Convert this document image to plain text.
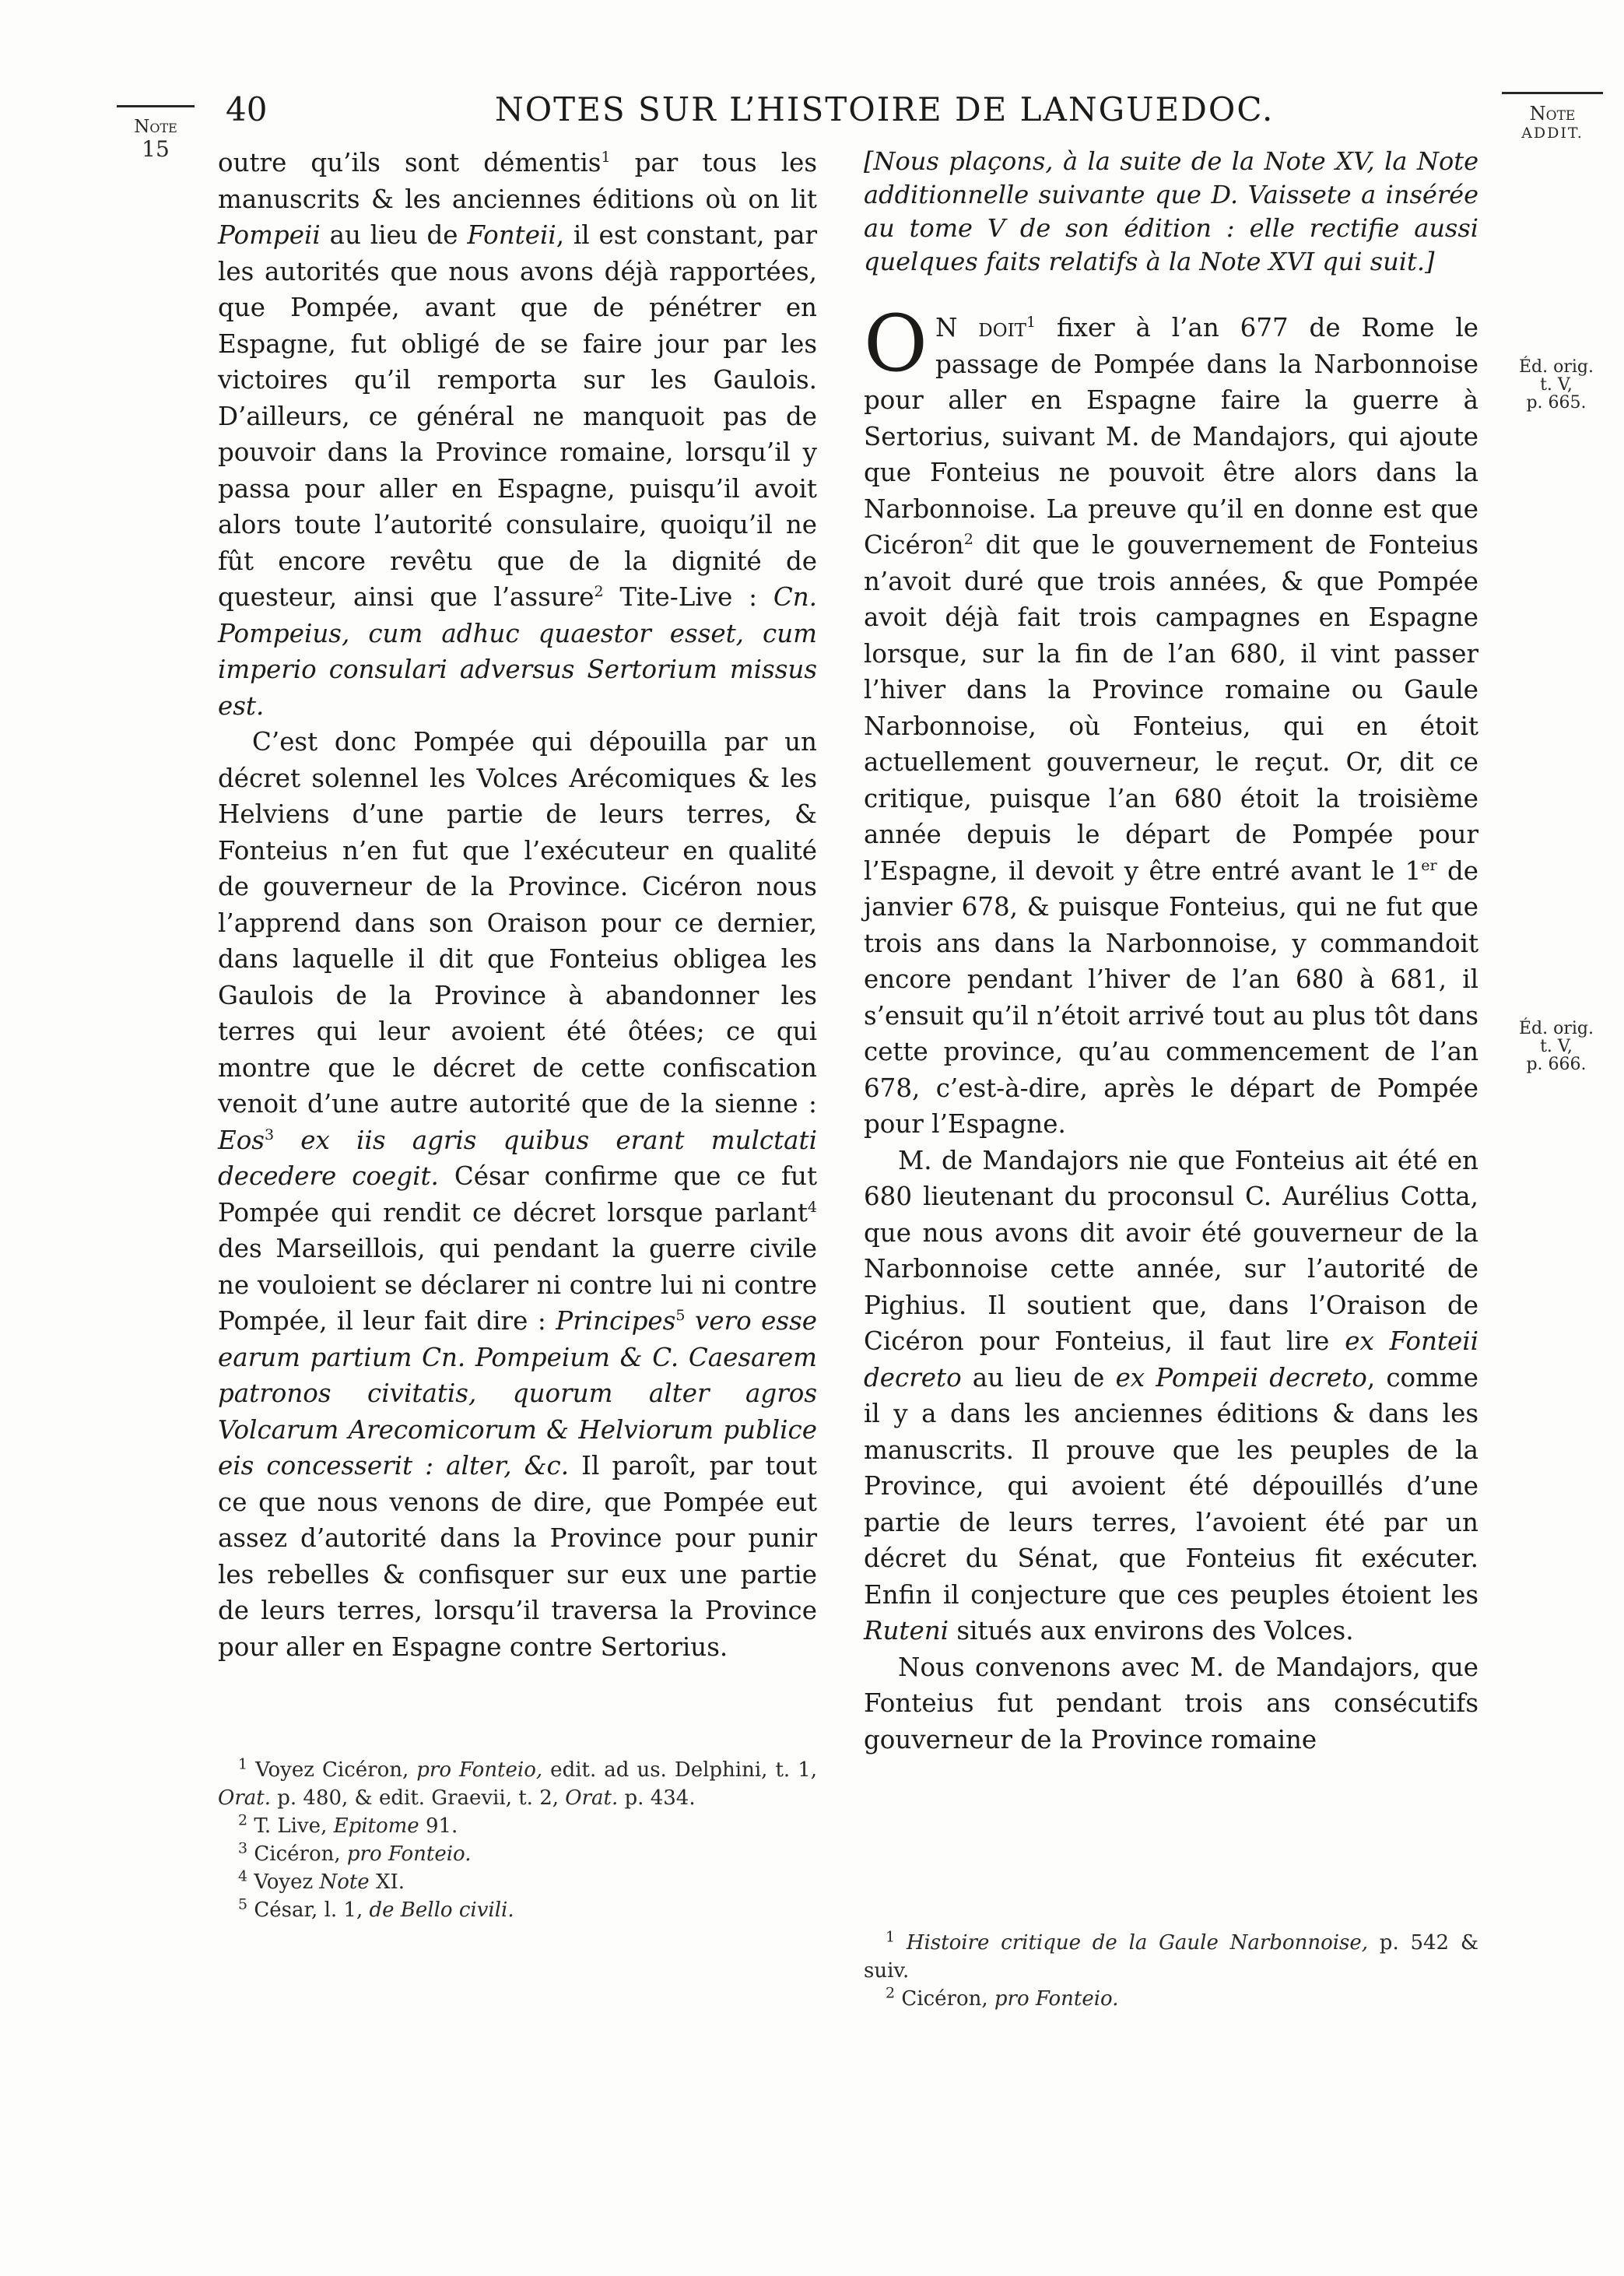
40	NOTES SUR L’HISTOIRE DE LANGUEDOC.
Note
15
Note
ADDIT.
Éd. orig.
t. V,
p. 665.
Éd. orig.
t. V,
p. 666.

outre qu’ils sont démentis$^1$ par tous les manuscrits & les anciennes éditions où on lit Pompeii au lieu de Fonteii, il est constant, par les autorités que nous avons déjà rapportées, que Pompée, avant que de pénétrer en Espagne, fut obligé de se faire jour par les victoires qu’il remporta sur les Gaulois. D’ailleurs, ce général ne manquoit pas de pouvoir dans la Province romaine, lorsqu’il y passa pour aller en Espagne, puisqu’il avoit alors toute l’autorité consulaire, quoiqu’il ne fût encore revêtu que de la dignité de questeur, ainsi que l’assure$^2$ Tite-Live : Cn. Pompeius, cum adhuc quaestor esset, cum imperio consulari adversus Sertorium missus est.

C’est donc Pompée qui dépouilla par un décret solennel les Volces Arécomiques & les Helviens d’une partie de leurs terres, & Fonteius n’en fut que l’exécuteur en qualité de gouverneur de la Province. Cicéron nous l’apprend dans son Oraison pour ce dernier, dans laquelle il dit que Fonteius obligea les Gaulois de la Province à abandonner les terres qui leur avoient été ôtées; ce qui montre que le décret de cette confiscation venoit d’une autre autorité que de la sienne : Eos$^3$ ex iis agris quibus erant mulctati decedere coegit. César confirme que ce fut Pompée qui rendit ce décret lorsque parlant$^4$ des Marseillois, qui pendant la guerre civile ne vouloient se déclarer ni contre lui ni contre Pompée, il leur fait dire : Principes$^5$ vero esse earum partium Cn. Pompeium & C. Caesarem patronos civitatis, quorum alter agros Volcarum Arecomicorum & Helviorum publice eis concesserit : alter, &c. Il paroît, par tout ce que nous venons de dire, que Pompée eut assez d’autorité dans la Province pour punir les rebelles & confisquer sur eux une partie de leurs terres, lorsqu’il traversa la Province pour aller en Espagne contre Sertorius.

$^1$ Voyez Cicéron, pro Fonteio, edit. ad us. Delphini, t. 1, Orat. p. 480, & edit. Graevii, t. 2, Orat. p. 434.

$^2$ T. Live, Epitome 91.

$^3$ Cicéron, pro Fonteio.

$^4$ Voyez Note XI.

$^5$ César, l. 1, de Bello civili.

[Nous plaçons, à la suite de la Note XV, la Note additionnelle suivante que D. Vaissete a insérée au tome V de son édition : elle rectifie aussi quelques faits relatifs à la Note XVI qui suit.]

O N doit$^1$ fixer à l’an 677 de Rome le passage de Pompée dans la Narbonnoise pour aller en Espagne faire la guerre à Sertorius, suivant M. de Mandajors, qui ajoute que Fonteius ne pouvoit être alors dans la Narbonnoise. La preuve qu’il en donne est que Cicéron$^2$ dit que le gouvernement de Fonteius n’avoit duré que trois années, & que Pompée avoit déjà fait trois campagnes en Espagne lorsque, sur la fin de l’an 680, il vint passer l’hiver dans la Province romaine ou Gaule Narbonnoise, où Fonteius, qui en étoit actuellement gouverneur, le reçut. Or, dit ce critique, puisque l’an 680 étoit la troisième année depuis le départ de Pompée pour l’Espagne, il devoit y être entré avant le 1er de janvier 678, & puisque Fonteius, qui ne fut que trois ans dans la Narbonnoise, y commandoit encore pendant l’hiver de l’an 680 à 681, il s’ensuit qu’il n’étoit arrivé tout au plus tôt dans cette province, qu’au commencement de l’an 678, c’est-à-dire, après le départ de Pompée pour l’Espagne.

M. de Mandajors nie que Fonteius ait été en 680 lieutenant du proconsul C. Aurélius Cotta, que nous avons dit avoir été gouverneur de la Narbonnoise cette année, sur l’autorité de Pighius. Il soutient que, dans l’Oraison de Cicéron pour Fonteius, il faut lire ex Fonteii decreto au lieu de ex Pompeii decreto, comme il y a dans les anciennes éditions & dans les manuscrits. Il prouve que les peuples de la Province, qui avoient été dépouillés d’une partie de leurs terres, l’avoient été par un décret du Sénat, que Fonteius fit exécuter. Enfin il conjecture que ces peuples étoient les Ruteni situés aux environs des Volces.

Nous convenons avec M. de Mandajors, que Fonteius fut pendant trois ans consécutifs gouverneur de la Province romaine

$^1$ Histoire critique de la Gaule Narbonnoise, p. 542 & suiv.

$^2$ Cicéron, pro Fonteio.
